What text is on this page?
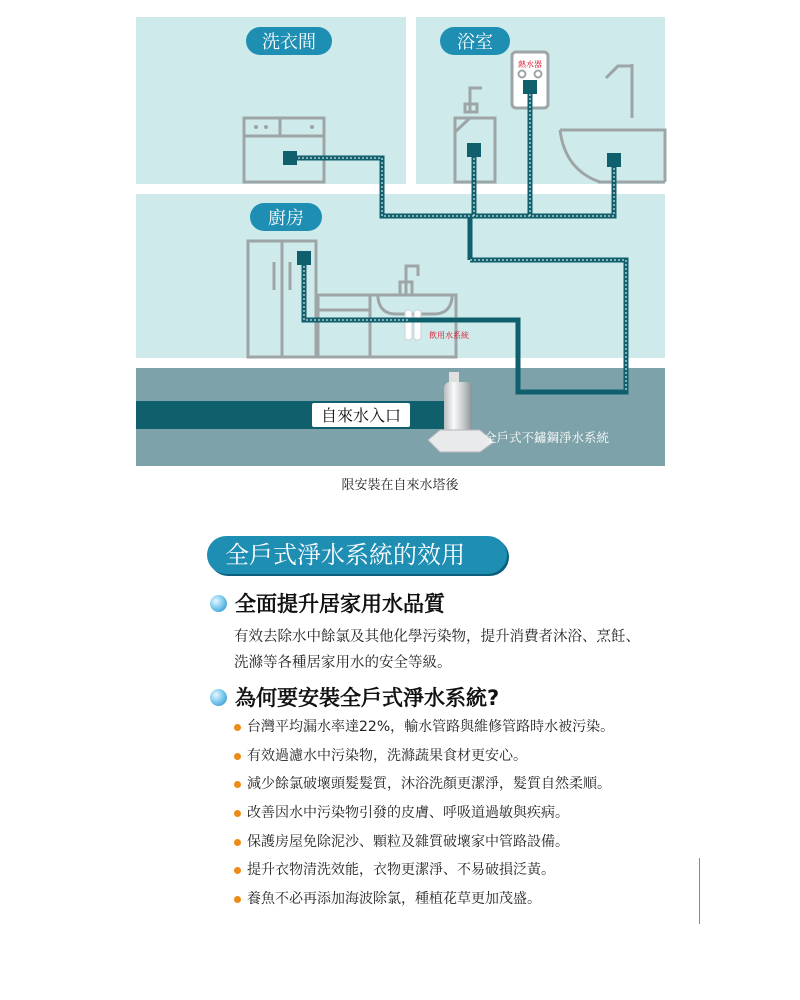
熱水器
飲用水系統
自來水入口
全戶式不鏽鋼淨水系統
洗衣間	浴室
廚房
限安裝在自來水塔後
全戶式淨水系統的效用
全面提升居家用水品質
有效去除水中餘氯及其他化學污染物，提升消費者沐浴、烹飪、洗滌等各種居家用水的安全等級。
為何要安裝全戶式淨水系統?
台灣平均漏水率達22%，輸水管路與維修管路時水被污染。
有效過濾水中污染物，洗滌蔬果食材更安心。
減少餘氯破壞頭髮髮質，沐浴洗顏更潔淨，髮質自然柔順。
改善因水中污染物引發的皮膚、呼吸道過敏與疾病。
保護房屋免除泥沙、顆粒及雜質破壞家中管路設備。
提升衣物清洗效能，衣物更潔淨、不易破損泛黃。
養魚不必再添加海波除氯，種植花草更加茂盛。
